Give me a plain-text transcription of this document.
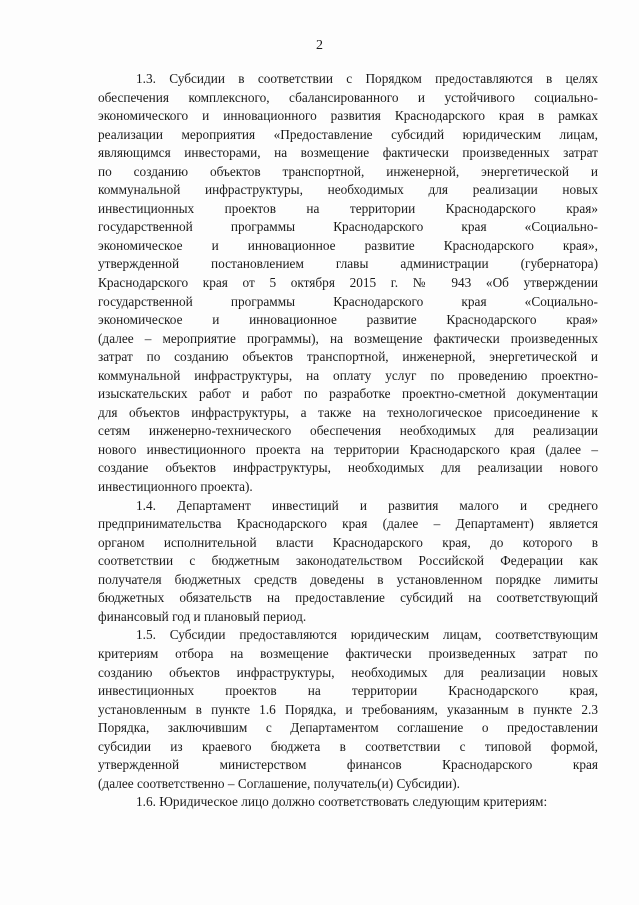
2
1.3. Субсидии в соответствии с Порядком предоставляются в целях
обеспечения комплексного, сбалансированного и устойчивого социально-
экономического и инновационного развития Краснодарского края в рамках
реализации мероприятия «Предоставление субсидий юридическим лицам,
являющимся инвесторами, на возмещение фактически произведенных затрат
по созданию объектов транспортной, инженерной, энергетической и
коммунальной инфраструктуры, необходимых для реализации новых
инвестиционных проектов на территории Краснодарского края»
государственной программы Краснодарского края «Социально-
экономическое и инновационное развитие Краснодарского края»,
утвержденной постановлением главы администрации (губернатора)
Краснодарского края от 5 октября 2015 г. № 943 «Об утверждении
государственной программы Краснодарского края «Социально-
экономическое и инновационное развитие Краснодарского края»
(далее – мероприятие программы), на возмещение фактически произведенных
затрат по созданию объектов транспортной, инженерной, энергетической и
коммунальной инфраструктуры, на оплату услуг по проведению проектно-
изыскательских работ и работ по разработке проектно-сметной документации
для объектов инфраструктуры, а также на технологическое присоединение к
сетям инженерно-технического обеспечения необходимых для реализации
нового инвестиционного проекта на территории Краснодарского края (далее –
создание объектов инфраструктуры, необходимых для реализации нового
инвестиционного проекта).
1.4. Департамент инвестиций и развития малого и среднего
предпринимательства Краснодарского края (далее – Департамент) является
органом исполнительной власти Краснодарского края, до которого в
соответствии с бюджетным законодательством Российской Федерации как
получателя бюджетных средств доведены в установленном порядке лимиты
бюджетных обязательств на предоставление субсидий на соответствующий
финансовый год и плановый период.
1.5. Субсидии предоставляются юридическим лицам, соответствующим
критериям отбора на возмещение фактически произведенных затрат по
созданию объектов инфраструктуры, необходимых для реализации новых
инвестиционных проектов на территории Краснодарского края,
установленным в пункте 1.6 Порядка, и требованиям, указанным в пункте 2.3
Порядка, заключившим с Департаментом соглашение о предоставлении
субсидии из краевого бюджета в соответствии с типовой формой,
утвержденной министерством финансов Краснодарского края
(далее соответственно – Соглашение, получатель(и) Субсидии).
1.6. Юридическое лицо должно соответствовать следующим критериям:
